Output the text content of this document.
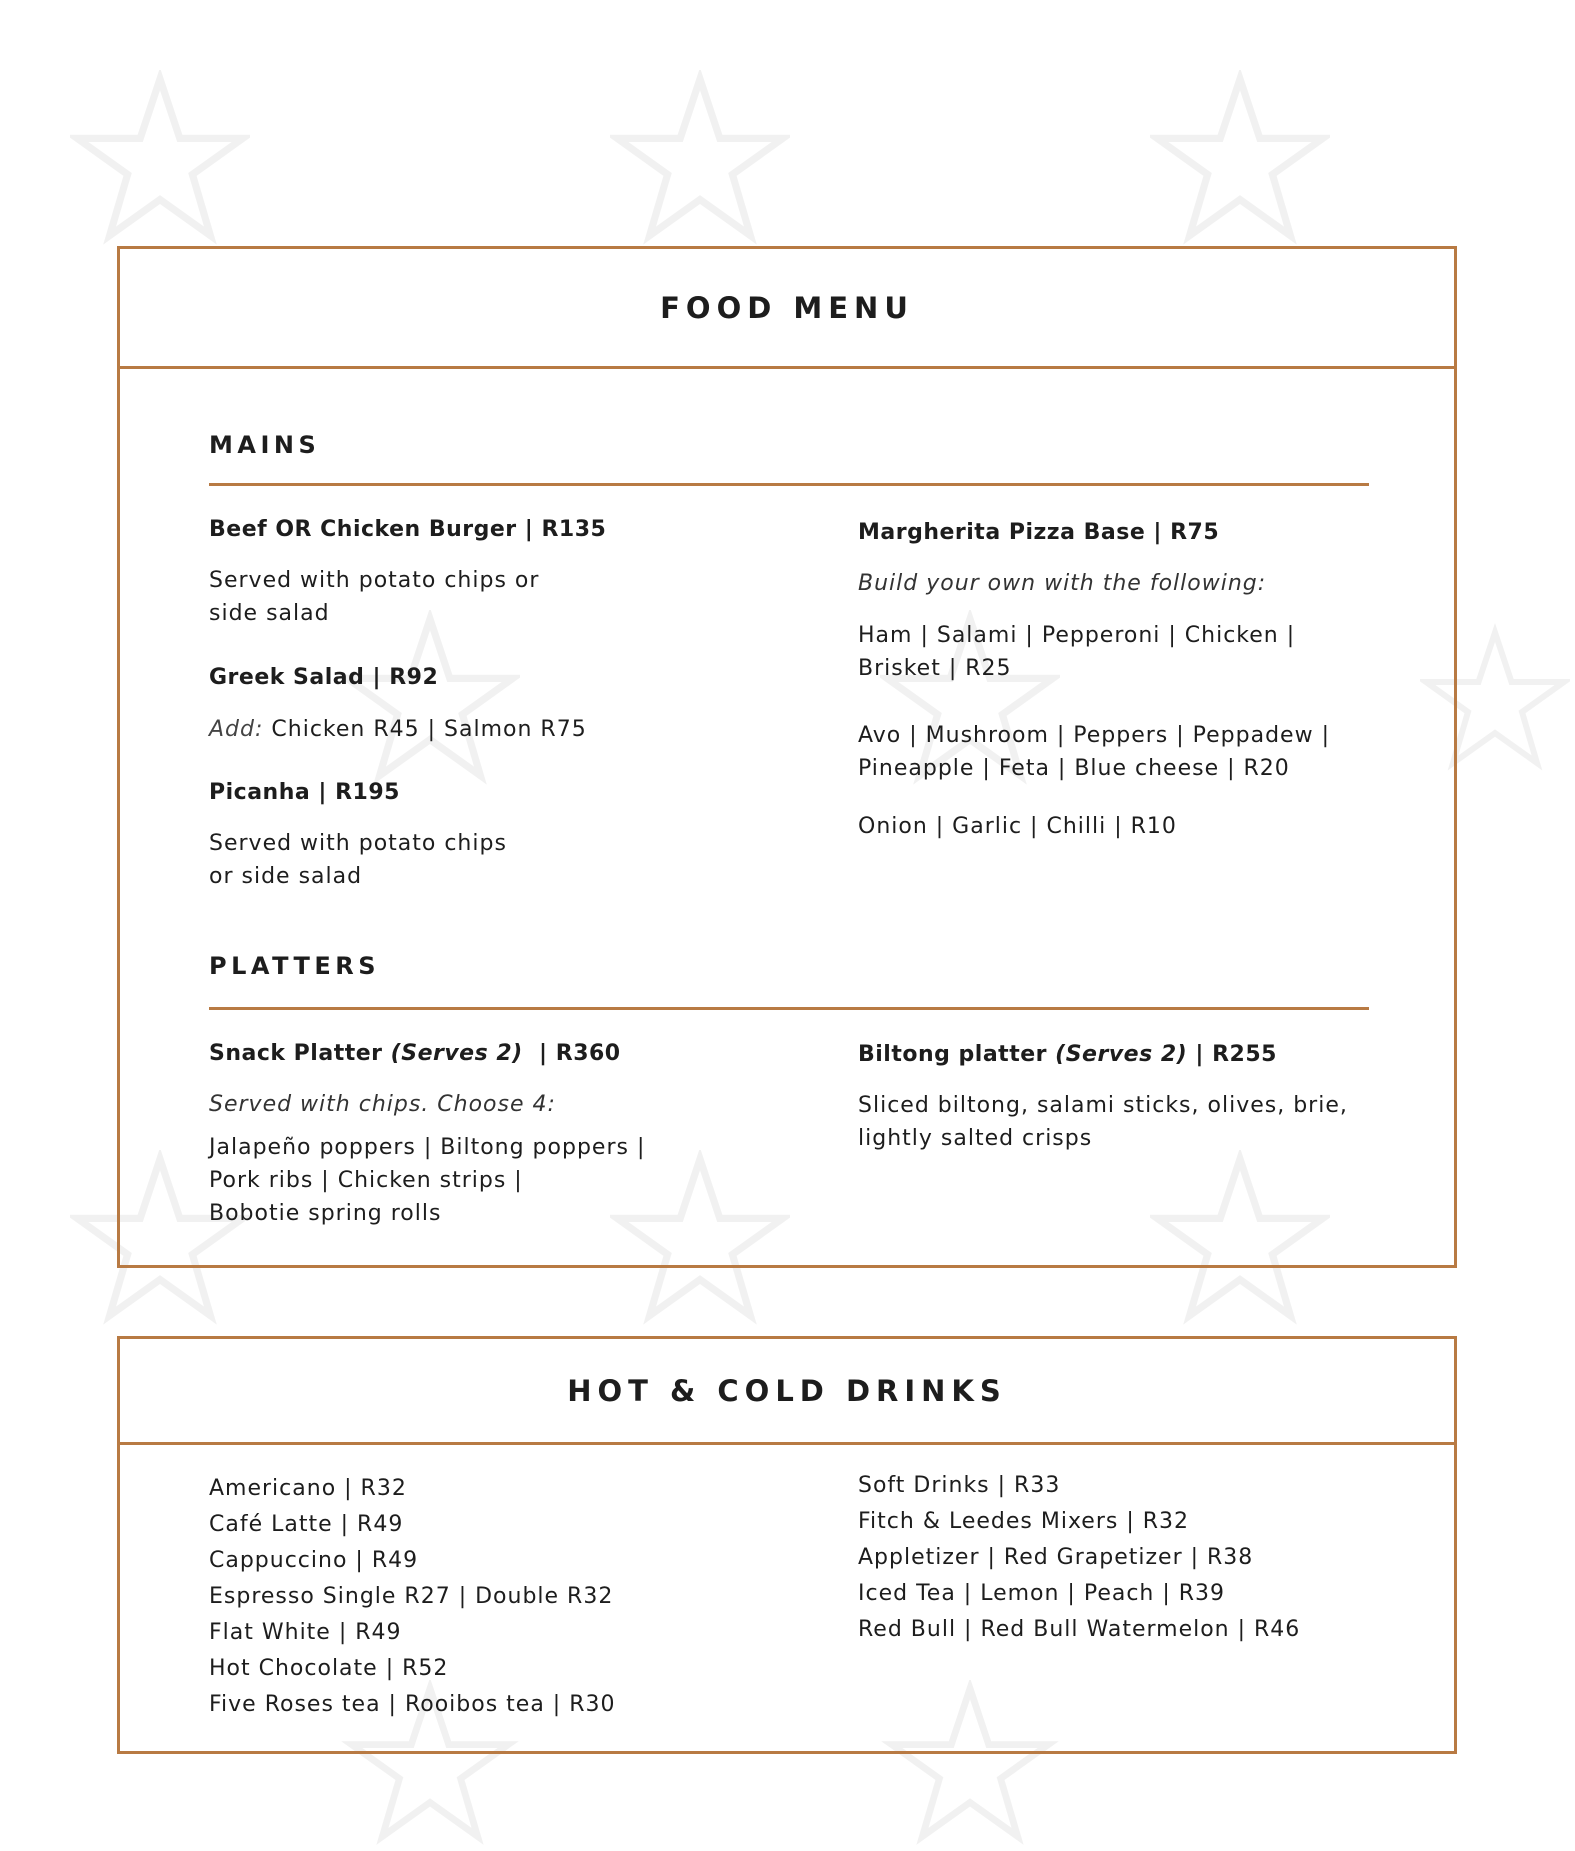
FOOD MENU
MAINS
Beef OR Chicken Burger | R135
Served with potato chips or
side salad
Greek Salad | R92
Add: Chicken R45 | Salmon R75
Picanha | R195
Served with potato chips
or side salad
Margherita Pizza Base | R75
Build your own with the following:
Ham | Salami | Pepperoni | Chicken |
Brisket | R25
Avo | Mushroom | Peppers | Peppadew |
Pineapple | Feta | Blue cheese | R20
Onion | Garlic | Chilli | R10
PLATTERS
Snack Platter (Serves 2)  | R360
Served with chips. Choose 4:
Jalapeño poppers | Biltong poppers |
Pork ribs | Chicken strips |
Bobotie spring rolls
Biltong platter (Serves 2) | R255
Sliced biltong, salami sticks, olives, brie,
lightly salted crisps
HOT & COLD DRINKS
Americano | R32
Café Latte | R49
Cappuccino | R49
Espresso Single R27 | Double R32
Flat White | R49
Hot Chocolate | R52
Five Roses tea | Rooibos tea | R30
Soft Drinks | R33
Fitch & Leedes Mixers | R32
Appletizer | Red Grapetizer | R38
Iced Tea | Lemon | Peach | R39
Red Bull | Red Bull Watermelon | R46
